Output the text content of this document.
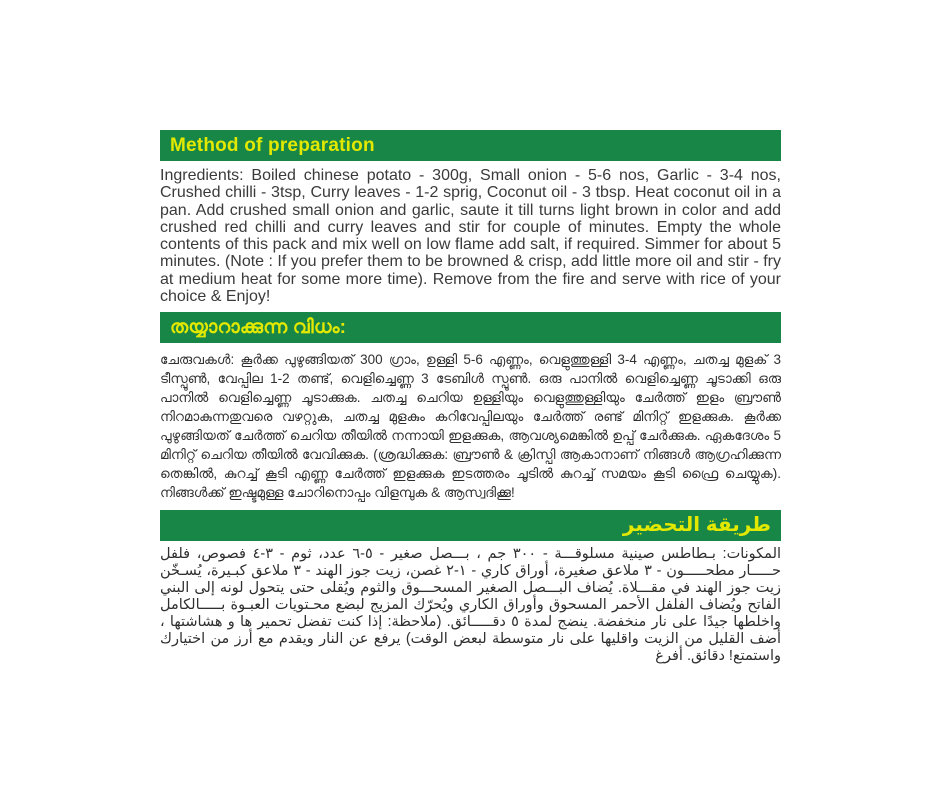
Method of preparation
Ingredients: Boiled chinese potato - 300g, Small onion - 5-6 nos, Garlic - 3-4 nos, Crushed chilli - 3tsp, Curry leaves - 1-2 sprig, Coconut oil - 3 tbsp. Heat coconut oil in a pan. Add crushed small onion and garlic, saute it till turns light brown in color and add crushed red chilli and curry leaves and stir for couple of minutes. Empty the whole contents of this pack and mix well on low flame add salt, if required. Simmer for about 5 minutes. (Note : If you prefer them to be browned & crisp, add little more oil and stir - fry at medium heat for some more time). Remove from the fire and serve with rice of your choice & Enjoy!
തയ്യാറാക്കുന്ന വിധം:
ചേരുവകൾ: കൂർക്ക പുഴുങ്ങിയത് 300 ഗ്രാം, ഉള്ളി 5-6 എണ്ണം, വെളുത്തുള്ളി 3-4 എണ്ണം, ചതച്ച മുളക് 3 ടീസ്പൂൺ, വേപ്പില 1-2 തണ്ട്, വെളിച്ചെണ്ണ 3 ടേബിൾ സ്പൂൺ. ഒരു പാനിൽ വെളിച്ചെണ്ണ ചൂടാക്കി ഒരു പാനിൽ വെളിച്ചെണ്ണ ചൂടാക്കുക. ചതച്ച ചെറിയ ഉള്ളിയും വെളുത്തുള്ളിയും ചേർത്ത് ഇളം ബ്രൗൺ നിറമാകുന്നതുവരെ വഴറ്റുക, ചതച്ച മുളകും കറിവേപ്പിലയും ചേർത്ത് രണ്ട് മിനിറ്റ് ഇളക്കുക. കൂർക്ക പുഴുങ്ങിയത് ചേർത്ത് ചെറിയ തീയിൽ നന്നായി ഇളക്കുക, ആവശ്യമെങ്കിൽ ഉപ്പ് ചേർക്കുക. ഏകദേശം 5 മിനിറ്റ് ചെറിയ തീയിൽ വേവിക്കുക. (ശ്രദ്ധിക്കുക: ബ്രൗൺ & ക്രിസ്പി ആകാനാണ് നിങ്ങൾ ആഗ്രഹിക്കുന്ന തെങ്കിൽ, കുറച്ച് കൂടി എണ്ണ ചേർത്ത് ഇളക്കുക ഇടത്തരം ചൂടിൽ കുറച്ച് സമയം കൂടി ഫ്രൈ ചെയ്യുക). നിങ്ങൾക്ക് ഇഷ്ടമുള്ള ചോറിനൊപ്പം വിളമ്പുക & ആസ്വദിക്കൂ!
طريقة التحضير
المكونات: بـطاطس صينية مسلوقـــة - ٣٠٠ جم ، بـــصل صغير - ٥-٦ عدد، ثوم - ٣-٤ فصوص، فلفل حـــــار مطحـــــون - ٣ ملاعق صغيرة، أوراق كاري - ١-٢ غصن، زيت جوز الهند - ٣ ملاعق كبـيرة، يُسـخّن زيت جوز الهند في مقـــلاة. يُضاف البـــصل الصغير المسحـــوق والثوم ويُقلى حتى يتحول لونه إلى البني الفاتح ويُضاف الفلفل الأحمر المسحوق وأوراق الكاري ويُحرّك المزيج لبضع محـتويات العبـوة بـــــالكامل واخلطها جيدًا على نار منخفضة. ينضج لمدة ٥ دقـــــائق. (ملاحظة: إذا كنت تفضل تحمير ها و هشاشتها ، أضف القليل من الزيت واقليها على نار متوسطة لبعض الوقت) يرفع عن النار ويقدم مع أرز من اختيارك واستمتع! دقائق. أفرغ
